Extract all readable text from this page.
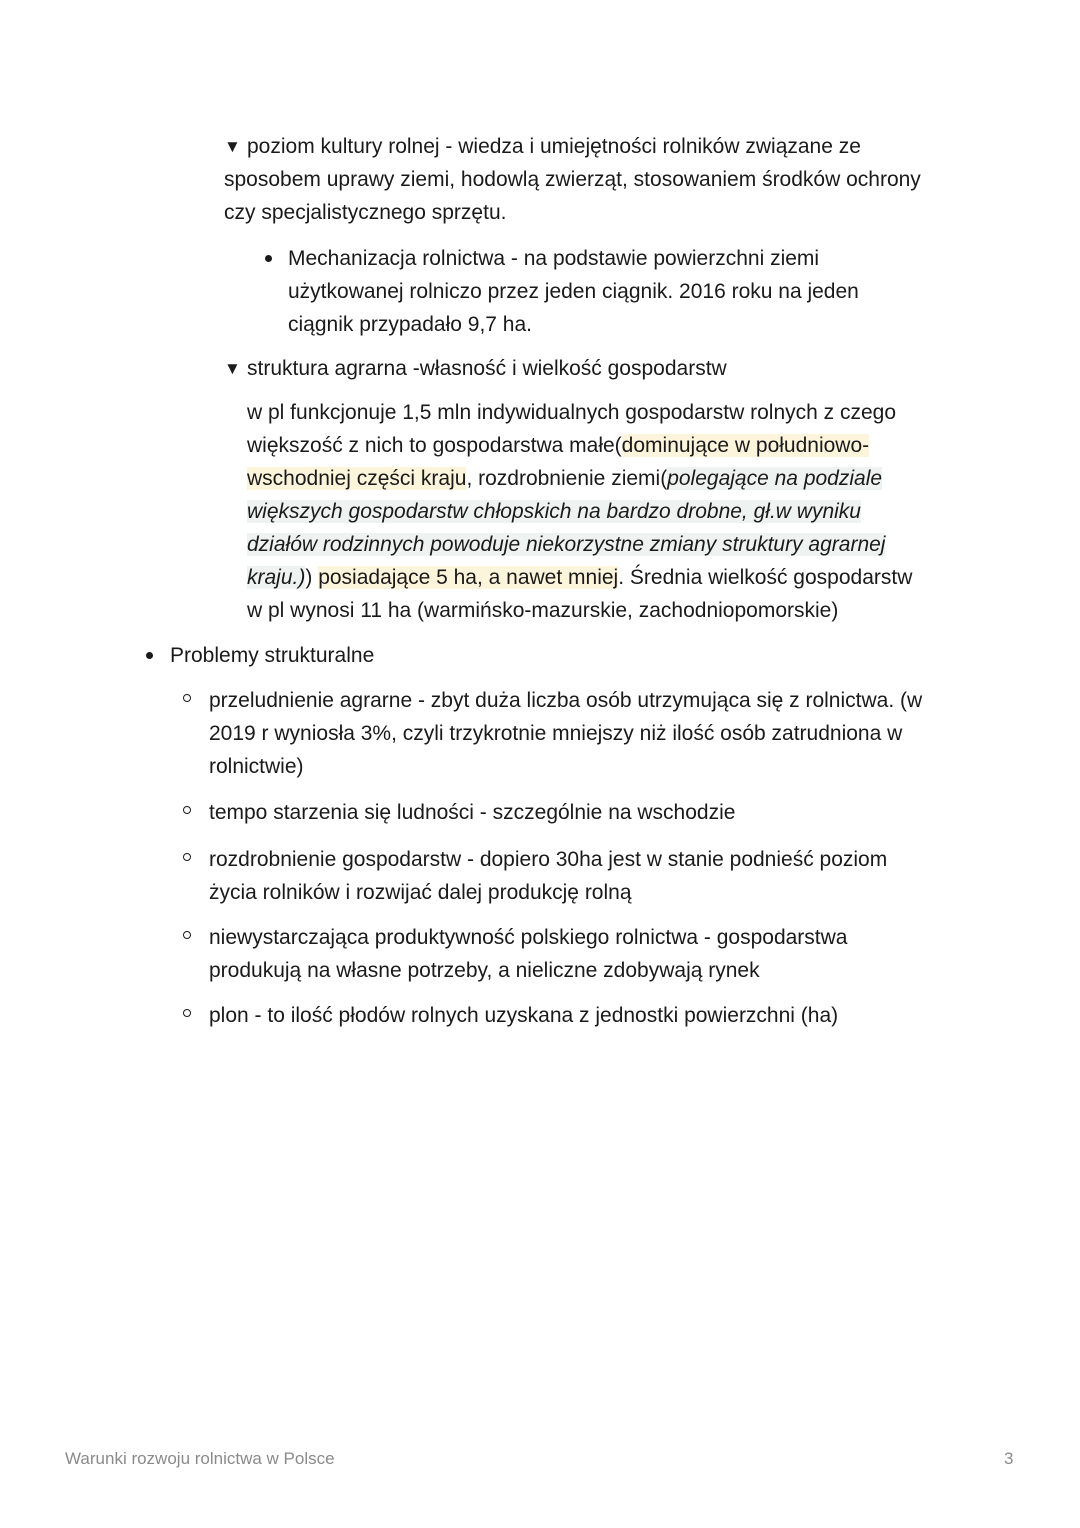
▼ poziom kultury rolnej - wiedza i umiejętności rolników związane ze
sposobem uprawy ziemi, hodowlą zwierząt, stosowaniem środków ochrony
czy specjalistycznego sprzętu.
Mechanizacja rolnictwa - na podstawie powierzchni ziemi
użytkowanej rolniczo przez jeden ciągnik. 2016 roku na jeden
ciągnik przypadało 9,7 ha.
▼ struktura agrarna -własność i wielkość gospodarstw
w pl funkcjonuje 1,5 mln indywidualnych gospodarstw rolnych z czego
większość z nich to gospodarstwa małe(dominujące w południowo-
wschodniej części kraju, rozdrobnienie ziemi(polegające na podziale
większych gospodarstw chłopskich na bardzo drobne, gł.w wyniku
działów rodzinnych powoduje niekorzystne zmiany struktury agrarnej
kraju.)) posiadające 5 ha, a nawet mniej. Średnia wielkość gospodarstw
w pl wynosi 11 ha (warmińsko-mazurskie, zachodniopomorskie)
Problemy strukturalne
przeludnienie agrarne - zbyt duża liczba osób utrzymująca się z rolnictwa. (w
2019 r wyniosła 3%, czyli trzykrotnie mniejszy niż ilość osób zatrudniona w
rolnictwie)
tempo starzenia się ludności - szczególnie na wschodzie
rozdrobnienie gospodarstw - dopiero 30ha jest w stanie podnieść poziom
życia rolników i rozwijać dalej produkcję rolną
niewystarczająca produktywność polskiego rolnictwa - gospodarstwa
produkują na własne potrzeby, a nieliczne zdobywają rynek
plon - to ilość płodów rolnych uzyskana z jednostki powierzchni (ha)
Warunki rozwoju rolnictwa w Polsce	3
